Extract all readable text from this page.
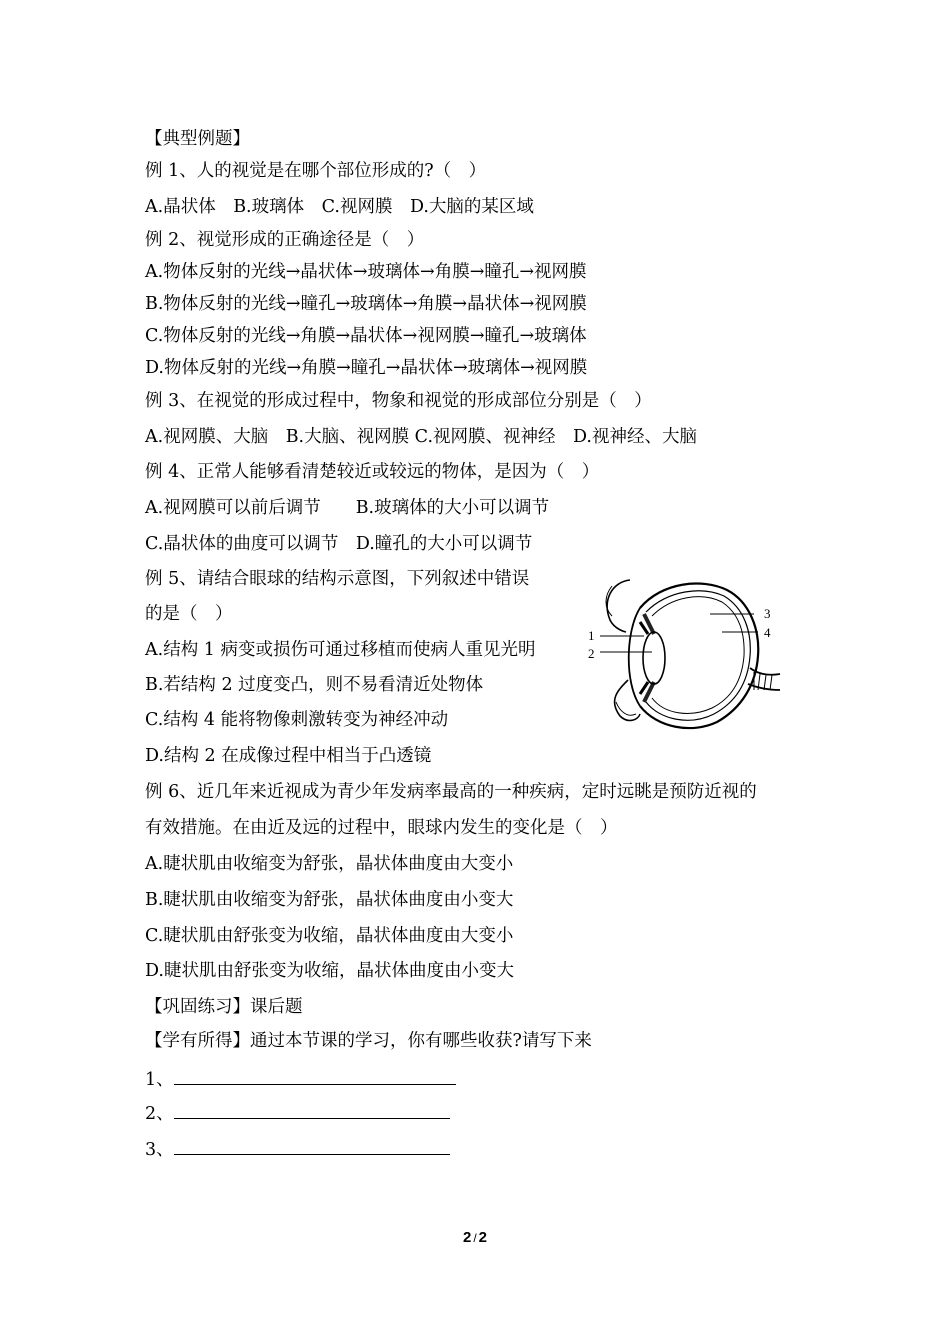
【典型例题】
例 1、人的视觉是在哪个部位形成的?（　）
A.晶状体　B.玻璃体　C.视网膜　D.大脑的某区域
例 2、视觉形成的正确途径是（　）
A.物体反射的光线→晶状体→玻璃体→角膜→瞳孔→视网膜
B.物体反射的光线→瞳孔→玻璃体→角膜→晶状体→视网膜
C.物体反射的光线→角膜→晶状体→视网膜→瞳孔→玻璃体
D.物体反射的光线→角膜→瞳孔→晶状体→玻璃体→视网膜
例 3、在视觉的形成过程中，物象和视觉的形成部位分别是（　）
A.视网膜、大脑　B.大脑、视网膜 C.视网膜、视神经　D.视神经、大脑
例 4、正常人能够看清楚较近或较远的物体，是因为（　）
A.视网膜可以前后调节　　B.玻璃体的大小可以调节
C.晶状体的曲度可以调节　D.瞳孔的大小可以调节
例 5、请结合眼球的结构示意图，下列叙述中错误
的是（　）
A.结构 1 病变或损伤可通过移植而使病人重见光明
B.若结构 2 过度变凸，则不易看清近处物体
C.结构 4 能将物像刺激转变为神经冲动
D.结构 2 在成像过程中相当于凸透镜
例 6、近几年来近视成为青少年发病率最高的一种疾病，定时远眺是预防近视的
有效措施。在由近及远的过程中，眼球内发生的变化是（　）
A.睫状肌由收缩变为舒张，晶状体曲度由大变小
B.睫状肌由收缩变为舒张，晶状体曲度由小变大
C.睫状肌由舒张变为收缩，晶状体曲度由大变小
D.睫状肌由舒张变为收缩，晶状体曲度由小变大
【巩固练习】课后题
【学有所得】通过本节课的学习，你有哪些收获?请写下来
1、
2、
3、
1
2
3
4
2 / 2
